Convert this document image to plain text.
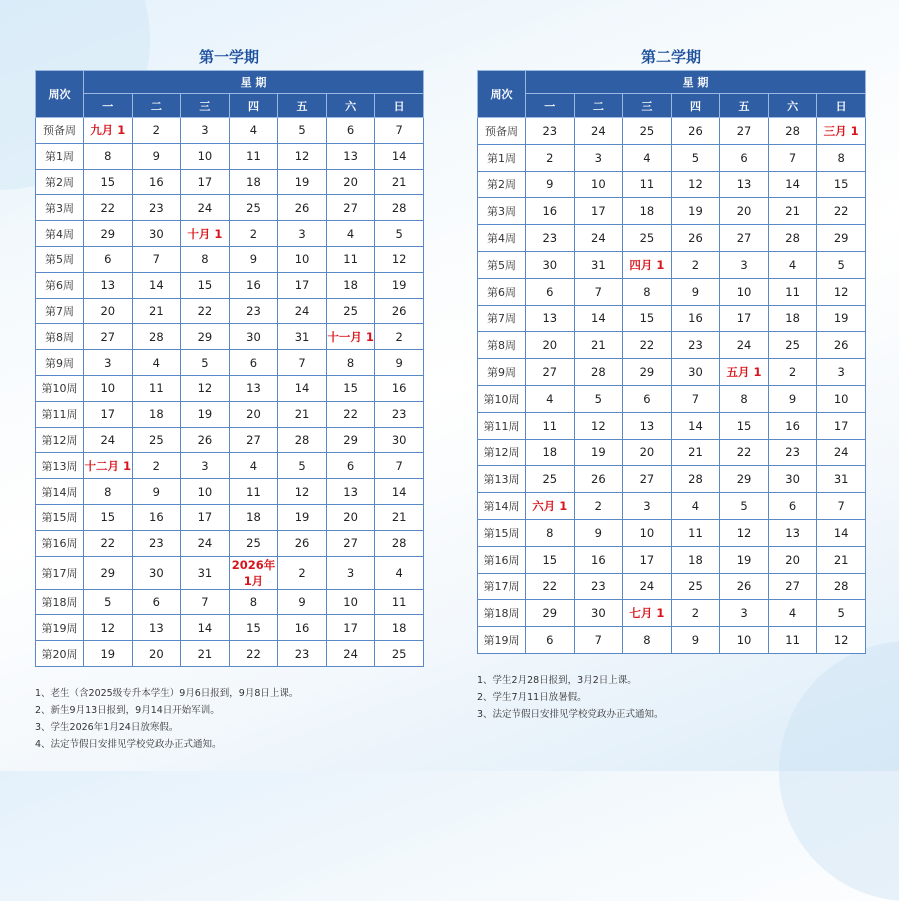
第一学期
周次	星 期						
	一	二	三	四	五	六	日
预备周	九月 1	2	3	4	5	6	7
第1周	8	9	10	11	12	13	14
第2周	15	16	17	18	19	20	21
第3周	22	23	24	25	26	27	28
第4周	29	30	十月 1	2	3	4	5
第5周	6	7	8	9	10	11	12
第6周	13	14	15	16	17	18	19
第7周	20	21	22	23	24	25	26
第8周	27	28	29	30	31	十一月 1	2
第9周	3	4	5	6	7	8	9
第10周	10	11	12	13	14	15	16
第11周	17	18	19	20	21	22	23
第12周	24	25	26	27	28	29	30
第13周	十二月 1	2	3	4	5	6	7
第14周	8	9	10	11	12	13	14
第15周	15	16	17	18	19	20	21
第16周	22	23	24	25	26	27	28
第17周	29	30	31	2026年1月	2	3	4
第18周	5	6	7	8	9	10	11
第19周	12	13	14	15	16	17	18
第20周	19	20	21	22	23	24	25
1、老生（含2025级专升本学生）9月6日报到，9月8日上课。
2、新生9月13日报到，9月14日开始军训。
3、学生2026年1月24日放寒假。
4、法定节假日安排见学校党政办正式通知。
第二学期
周次	星 期						
	一	二	三	四	五	六	日
预备周	23	24	25	26	27	28	三月 1
第1周	2	3	4	5	6	7	8
第2周	9	10	11	12	13	14	15
第3周	16	17	18	19	20	21	22
第4周	23	24	25	26	27	28	29
第5周	30	31	四月 1	2	3	4	5
第6周	6	7	8	9	10	11	12
第7周	13	14	15	16	17	18	19
第8周	20	21	22	23	24	25	26
第9周	27	28	29	30	五月 1	2	3
第10周	4	5	6	7	8	9	10
第11周	11	12	13	14	15	16	17
第12周	18	19	20	21	22	23	24
第13周	25	26	27	28	29	30	31
第14周	六月 1	2	3	4	5	6	7
第15周	8	9	10	11	12	13	14
第16周	15	16	17	18	19	20	21
第17周	22	23	24	25	26	27	28
第18周	29	30	七月 1	2	3	4	5
第19周	6	7	8	9	10	11	12
1、学生2月28日报到，3月2日上课。
2、学生7月11日放暑假。
3、法定节假日安排见学校党政办正式通知。
